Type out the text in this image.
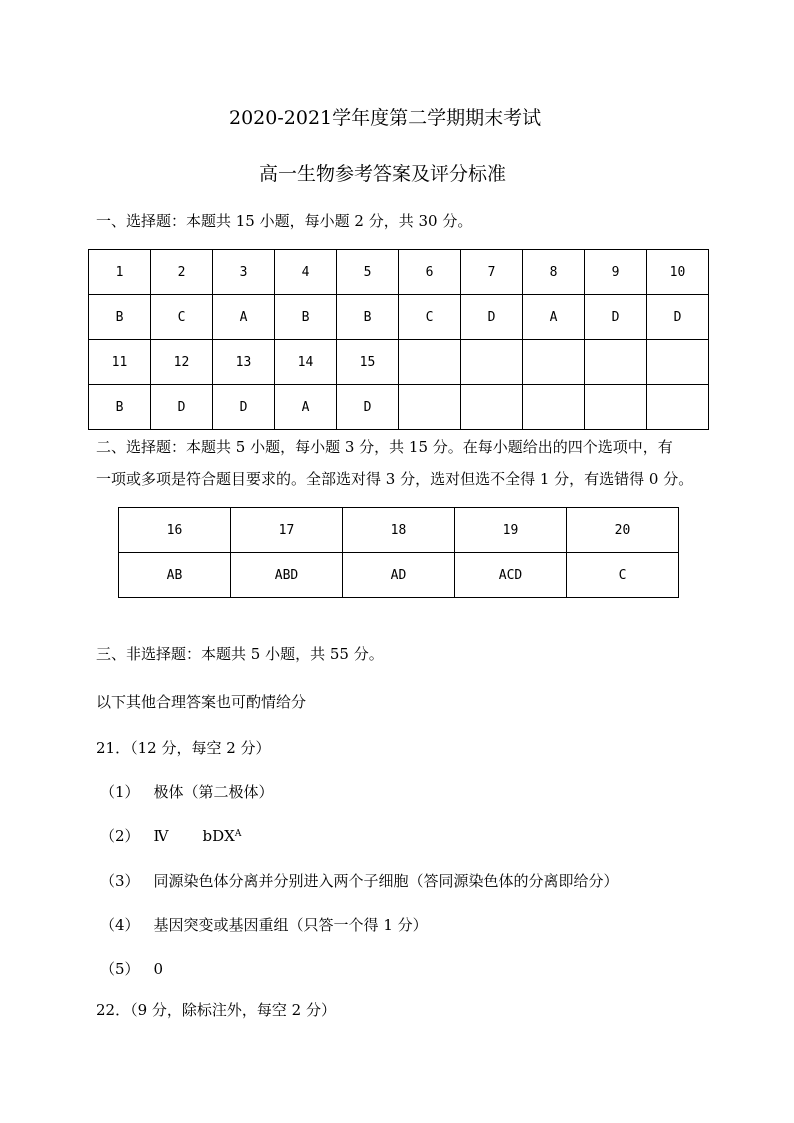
2020-2021学年度第二学期期末考试
高一生物参考答案及评分标准
一、选择题：本题共 15 小题，每小题 2 分，共 30 分。
1	2	3	4	5	6	7	8	9	10
B	C	A	B	B	C	D	A	D	D
11	12	13	14	15					
B	D	D	A	D					
二、选择题：本题共 5 小题，每小题 3 分，共 15 分。在每小题给出的四个选项中，有
一项或多项是符合题目要求的。全部选对得 3 分，选对但选不全得 1 分，有选错得 0 分。
16	17	18	19	20
AB	ABD	AD	ACD	C
三、非选择题：本题共 5 小题，共 55 分。
以下其他合理答案也可酌情给分
21．（12 分，每空 2 分）
（1） 极体（第二极体）
（2） Ⅳ bDX$^A$
（3） 同源染色体分离并分别进入两个子细胞（答同源染色体的分离即给分）
（4） 基因突变或基因重组（只答一个得 1 分）
（5） 0
22．（9 分，除标注外，每空 2 分）
